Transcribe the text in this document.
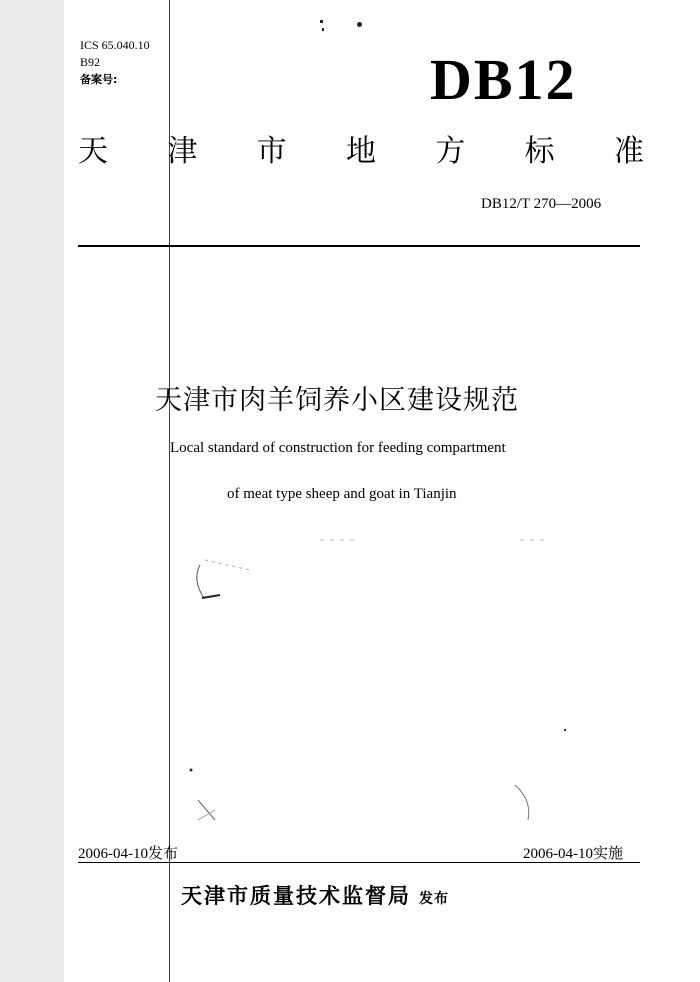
ICS 65.040.10
B92
备案号:	DB12
天 津 市 地 方 标 准
DB12/T 270—2006
天津市肉羊饲养小区建设规范
Local standard of construction for feeding compartment
of meat type sheep and goat in Tianjin
2006-04-10发布	2006-04-10实施
天津市质量技术监督局 发布
